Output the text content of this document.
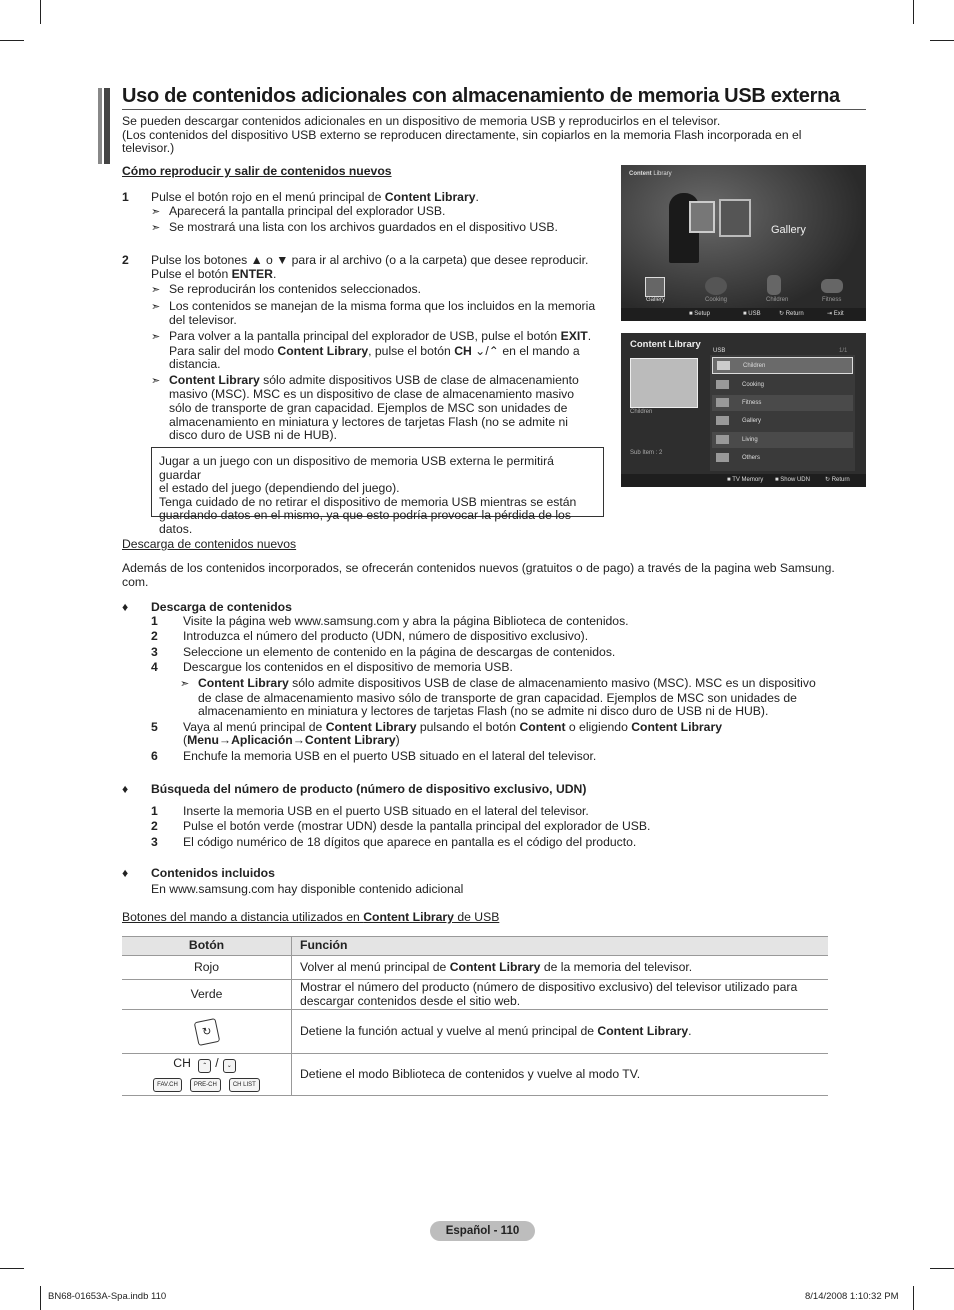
Uso de contenidos adicionales con almacenamiento de memoria USB externa
Se pueden descargar contenidos adicionales en un dispositivo de memoria USB y reproducirlos en el televisor.
(Los contenidos del dispositivo USB externo se reproducen directamente, sin copiarlos en la memoria Flash incorporada en el
televisor.)
Cómo reproducir y salir de contenidos nuevos
1 Pulse el botón rojo en el menú principal de Content Library.
➣ Aparecerá la pantalla principal del explorador USB.
➣ Se mostrará una lista con los archivos guardados en el dispositivo USB.
2 Pulse los botones ▲ o ▼ para ir al archivo (o a la carpeta) que desee reproducir.
Pulse el botón ENTER.
➣ Se reproducirán los contenidos seleccionados.
➣ Los contenidos se manejan de la misma forma que los incluidos en la memoria
del televisor.
➣ Para volver a la pantalla principal del explorador de USB, pulse el botón EXIT.
Para salir del modo Content Library, pulse el botón CH ⌄/⌃ en el mando a
distancia.
➣ Content Library sólo admite dispositivos USB de clase de almacenamiento
masivo (MSC). MSC es un dispositivo de clase de almacenamiento masivo
sólo de transporte de gran capacidad. Ejemplos de MSC son unidades de
almacenamiento en miniatura y lectores de tarjetas Flash (no se admite ni
disco duro de USB ni de HUB).
Jugar a un juego con un dispositivo de memoria USB externa le permitirá guardar
el estado del juego (dependiendo del juego).
Tenga cuidado de no retirar el dispositivo de memoria USB mientras se están
guardando datos en el mismo, ya que esto podría provocar la pérdida de los datos.
Content Library
Gallery
Gallery	Cooking	Children	Fitness
■ Setup	■ USB	↻ Return	⇥ Exit
Content Library
USB	1/1
Children
Sub Item : 2
Children
Cooking
Fitness
Gallery
Living
Others
■ TV Memory ■ Show UDN	↻ Return
Descarga de contenidos nuevos
Además de los contenidos incorporados, se ofrecerán contenidos nuevos (gratuitos o de pago) a través de la pagina web Samsung.
com.
♦ Descarga de contenidos
1 Visite la página web www.samsung.com y abra la página Biblioteca de contenidos.
2 Introduzca el número del producto (UDN, número de dispositivo exclusivo).
3 Seleccione un elemento de contenido en la página de descargas de contenidos.
4 Descargue los contenidos en el dispositivo de memoria USB.
➣ Content Library sólo admite dispositivos USB de clase de almacenamiento masivo (MSC). MSC es un dispositivo
de clase de almacenamiento masivo sólo de transporte de gran capacidad. Ejemplos de MSC son unidades de
almacenamiento en miniatura y lectores de tarjetas Flash (no se admite ni disco duro de USB ni de HUB).
5 Vaya al menú principal de Content Library pulsando el botón Content o eligiendo Content Library
(Menu→Aplicación→Content Library)
6 Enchufe la memoria USB en el puerto USB situado en el lateral del televisor.
♦ Búsqueda del número de producto (número de dispositivo exclusivo, UDN)
1 Inserte la memoria USB en el puerto USB situado en el lateral del televisor.
2 Pulse el botón verde (mostrar UDN) desde la pantalla principal del explorador de USB.
3 El código numérico de 18 dígitos que aparece en pantalla es el código del producto.
♦ Contenidos incluidos
En www.samsung.com hay disponible contenido adicional
Botones del mando a distancia utilizados en Content Library de USB
Botón	Función
Rojo	Volver al menú principal de Content Library de la memoria del televisor.
Verde	Mostrar el número del producto (número de dispositivo exclusivo) del televisor utilizado para
descargar contenidos desde el sitio web.

↻	Detiene la función actual y vuelve al menú principal de Content Library.

CH ⌃ / ⌄
FAV.CH PRE-CH CH LIST	Detiene el modo Biblioteca de contenidos y vuelve al modo TV.
Español - 110
BN68-01653A-Spa.indb 110	8/14/2008 1:10:32 PM
